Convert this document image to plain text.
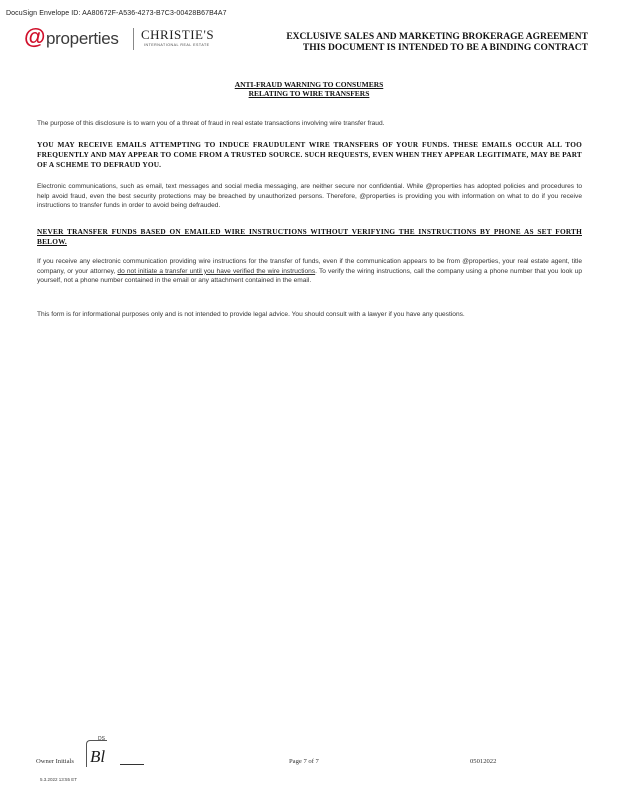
DocuSign Envelope ID: AA80672F-A536-4273-B7C3-00428B67B4A7
@ properties CHRISTIE'S
INTERNATIONAL REAL ESTATE
EXCLUSIVE SALES AND MARKETING BROKERAGE AGREEMENT
THIS DOCUMENT IS INTENDED TO BE A BINDING CONTRACT
ANTI-FRAUD WARNING TO CONSUMERS
RELATING TO WIRE TRANSFERS
The purpose of this disclosure is to warn you of a threat of fraud in real estate transactions involving wire transfer fraud.
YOU MAY RECEIVE EMAILS ATTEMPTING TO INDUCE FRAUDULENT WIRE TRANSFERS OF YOUR FUNDS. THESE EMAILS OCCUR ALL TOO FREQUENTLY AND MAY APPEAR TO COME FROM A TRUSTED SOURCE. SUCH REQUESTS, EVEN WHEN THEY APPEAR LEGITIMATE, MAY BE PART OF A SCHEME TO DEFRAUD YOU.
Electronic communications, such as email, text messages and social media messaging, are neither secure nor confidential. While @properties has adopted policies and procedures to help avoid fraud, even the best security protections may be breached by unauthorized persons. Therefore, @properties is providing you with information on what to do if you receive instructions to transfer funds in order to avoid being defrauded.
NEVER TRANSFER FUNDS BASED ON EMAILED WIRE INSTRUCTIONS WITHOUT VERIFYING THE INSTRUCTIONS BY PHONE AS SET FORTH BELOW.
If you receive any electronic communication providing wire instructions for the transfer of funds, even if the communication appears to be from @properties, your real estate agent, title company, or your attorney, do not initiate a transfer until you have verified the wire instructions. To verify the wiring instructions, call the company using a phone number that you look up yourself, not a phone number contained in the email or any attachment contained in the email.
This form is for informational purposes only and is not intended to provide legal advice. You should consult with a lawyer if you have any questions.
Owner Initials
DS
Bl	Page 7 of 7	05012022
5.3.2022 13:55 ET
